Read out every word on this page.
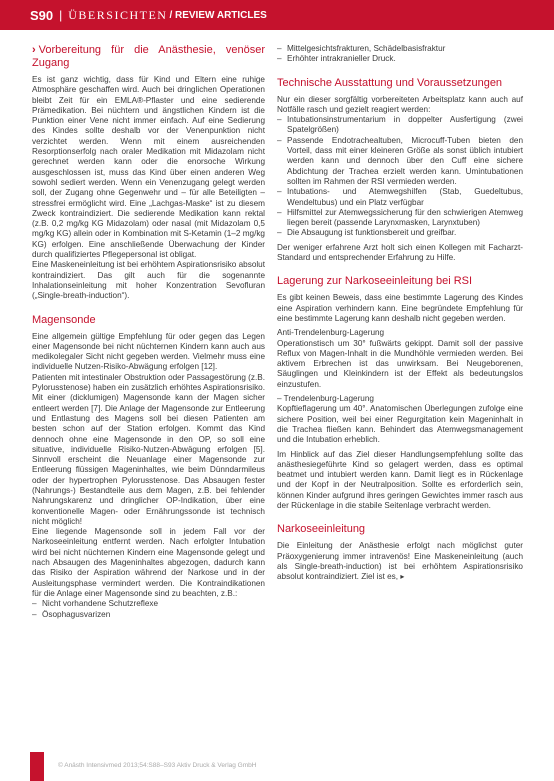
S90 | ÜBERSICHTEN / REVIEW ARTICLES
› Vorbereitung für die Anästhesie, venöser Zugang

Es ist ganz wichtig, dass für Kind und Eltern eine ruhige Atmosphäre geschaffen wird. Auch bei dringlichen Operationen bleibt Zeit für ein EMLA®-Pflaster und eine sedierende Prämedikation. Bei nüchtern und ängstlichen Kindern ist die Punktion einer Vene nicht immer einfach. Auf eine Sedierung des Kindes sollte deshalb vor der Venenpunktion nicht verzichtet werden. Wenn mit einem ausreichenden Resorptionserfolg nach oraler Medikation mit Midazolam nicht gerechnet werden kann oder die enorsoche Wirkung ausgeschlossen ist, muss das Kind über einen anderen Weg sowohl sediert werden. Wenn ein Venenzugang gelegt werden soll, der Zugang ohne Gegenwehr und – für alle Beteiligten – stressfrei ermöglicht wird. Eine „Lachgas-Maske“ ist zu diesem Zweck kontraindiziert. Die sedierende Medikation kann rektal (z.B. 0,2 mg/kg KG Midazolam) oder nasal (mit Midazolam 0,5 mg/kg KG) allein oder in Kombination mit S-Ketamin (1–2 mg/kg KG) erfolgen. Eine anschließende Überwachung der Kinder durch qualifiziertes Pflegepersonal ist obligat.

Eine Maskeneinleitung ist bei erhöhtem Aspirationsrisiko absolut kontraindiziert. Das gilt auch für die sogenannte Inhalationseinleitung mit hoher Konzentration Sevofluran („Single-breath-induction“).

Magensonde

Eine allgemein gültige Empfehlung für oder gegen das Legen einer Magensonde bei nicht nüchternen Kindern kann auch aus medikolegaler Sicht nicht gegeben werden. Vielmehr muss eine individuelle Nutzen-Risiko-Abwägung erfolgen [12].

Patienten mit intestinaler Obstruktion oder Passagestörung (z.B. Pylorusstenose) haben ein zusätzlich erhöhtes Aspirationsrisiko. Mit einer (dicklumigen) Magensonde kann der Magen sicher entleert werden [7]. Die Anlage der Magensonde zur Entleerung und Entlastung des Magens soll bei diesen Patienten am besten schon auf der Station erfolgen. Kommt das Kind dennoch ohne eine Magensonde in den OP, so soll eine situative, individuelle Risiko-Nutzen-Abwägung erfolgen [5]. Sinnvoll erscheint die Neuanlage einer Magensonde zur Entleerung flüssigen Mageninhaltes, wie beim Dünndarmileus oder der hypertrophen Pylorusstenose. Das Absaugen fester (Nahrungs-) Bestandteile aus dem Magen, z.B. bei fehlender Nahrungskarenz und dringlicher OP-Indikation, über eine konventionelle Magen- oder Ernährungssonde ist technisch nicht möglich!

Eine liegende Magensonde soll in jedem Fall vor der Narkoseeinleitung entfernt werden. Nach erfolgter Intubation wird bei nicht nüchternen Kindern eine Magensonde gelegt und nach Absaugen des Mageninhaltes abgezogen, dadurch kann das Risiko der Aspiration während der Narkose und in der Ausleitungsphase vermindert werden. Die Kontraindikationen für die Anlage einer Magensonde sind zu beachten, z.B.:

– Nicht vorhandene Schutzreflexe
– Ösophagusvarizen
– Mittelgesichtsfrakturen, Schädelbasisfraktur
– Erhöhter intrakranieller Druck.
Technische Ausstattung und Voraussetzungen

Nur ein dieser sorgfältig vorbereiteten Arbeitsplatz kann auch auf Notfälle rasch und gezielt reagiert werden:

– Intubationsinstrumentarium in doppelter Ausfertigung (zwei Spatelgrößen)
– Passende Endotrachealtuben, Microcuff-Tuben bieten den Vorteil, dass mit einer kleineren Größe als sonst üblich intubiert werden kann und dennoch über den Cuff eine sichere Abdichtung der Trachea erzielt werden kann. Umintubationen sollten im Rahmen der RSI vermieden werden.
– Intubations- und Atemwegshilfen (Stab, Guedeltubus, Wendeltubus) und ein Platz verfügbar
– Hilfsmittel zur Atemwegssicherung für den schwierigen Atemweg liegen bereit (passende Larynxmasken, Larynxtuben)
– Die Absaugung ist funktionsbereit und greifbar.

Der weniger erfahrene Arzt holt sich einen Kollegen mit Facharzt-Standard und entsprechender Erfahrung zu Hilfe.

Lagerung zur Narkoseeinleitung bei RSI

Es gibt keinen Beweis, dass eine bestimmte Lagerung des Kindes eine Aspiration verhindern kann. Eine begründete Empfehlung für eine bestimmte Lagerung kann deshalb nicht gegeben werden.

Anti-Trendelenburg-Lagerung

Operationstisch um 30° fußwärts gekippt. Damit soll der passive Reflux von Magen-Inhalt in die Mundhöhle vermieden werden. Bei aktivem Erbrechen ist das unwirksam. Bei Neugeborenen, Säuglingen und Kleinkindern ist der Effekt als bedeutungslos einzustufen.

– Trendelenburg-Lagerung

Kopftieflagerung um 40°. Anatomischen Überlegungen zufolge eine sichere Position, weil bei einer Regurgitation kein Mageninhalt in die Trachea fließen kann. Behindert das Atemwegsmanagement und die Intubation erheblich.

Im Hinblick auf das Ziel dieser Handlungsempfehlung sollte das anästhesiegeführte Kind so gelagert werden, dass es optimal beatmet und intubiert werden kann. Damit liegt es in Rückenlage und der Kopf in der Neutralposition. Sollte es erforderlich sein, können Kinder aufgrund ihres geringen Gewichtes immer rasch aus der Rückenlage in die stabile Seitenlage verbracht werden.

Narkoseeinleitung

Die Einleitung der Anästhesie erfolgt nach möglichst guter Präoxygenierung immer intravenös! Eine Maskeneinleitung (auch als Single-breath-induction) ist bei erhöhtem Aspirationsrisiko absolut kontraindiziert. Ziel ist es, ▸

© Anästh Intensivmed 2013;54:S88–S93 Aktiv Druck & Verlag GmbH
